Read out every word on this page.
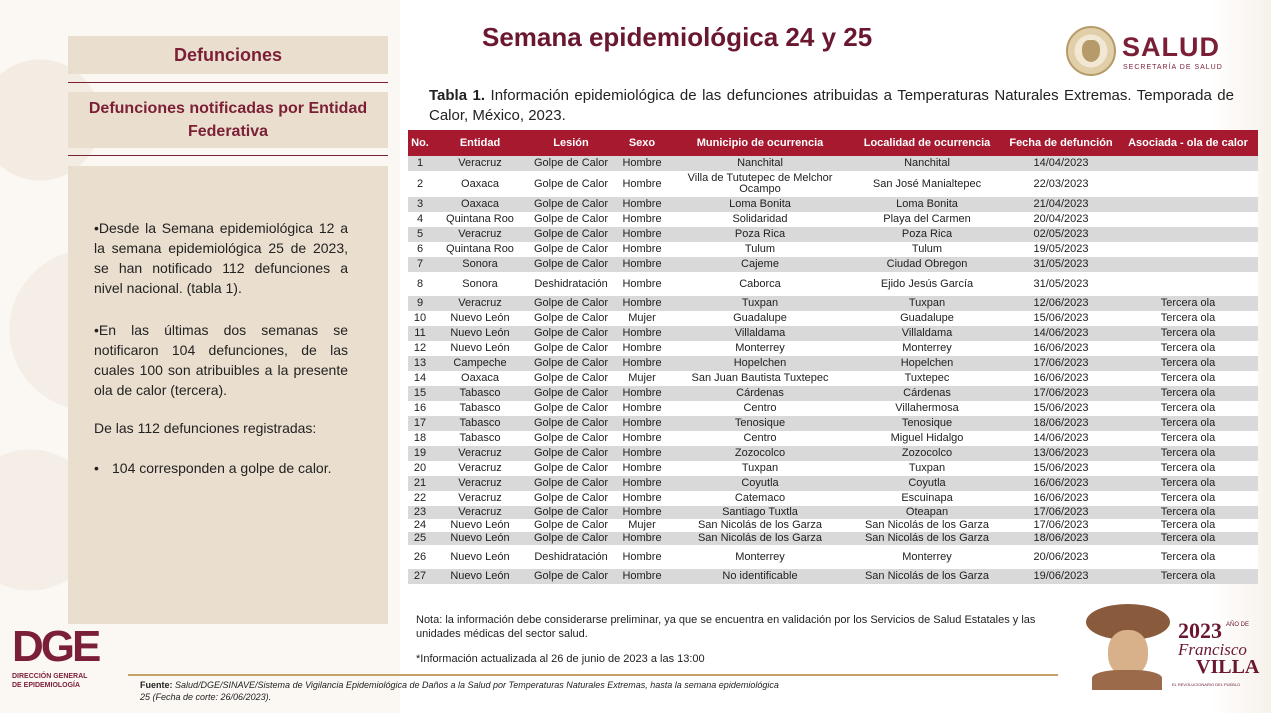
Defunciones
Defunciones notificadas por Entidad Federativa

•Desde la Semana epidemiológica 12 a la semana epidemiológica 25 de 2023, se han notificado 112 defunciones a nivel nacional. (tabla 1).

•En las últimas dos semanas se notificaron 104 defunciones, de las cuales 100 son atribuibles a la presente ola de calor (tercera).

De las 112 defunciones registradas:

• 104 corresponden a golpe de calor.

Semana epidemiológica 24 y 25	SALUD
SECRETARÍA DE SALUD
Tabla 1. Información epidemiológica de las defunciones atribuidas a Temperaturas Naturales Extremas. Temporada de Calor, México, 2023.
No.	Entidad	Lesión	Sexo	Municipio de ocurrencia	Localidad de ocurrencia	Fecha de defunción	Asociada - ola de calor
1	Veracruz	Golpe de Calor	Hombre	Nanchital	Nanchital	14/04/2023	
2	Oaxaca	Golpe de Calor	Hombre	Villa de Tututepec de Melchor Ocampo	San José Manialtepec	22/03/2023	
3	Oaxaca	Golpe de Calor	Hombre	Loma Bonita	Loma Bonita	21/04/2023	
4	Quintana Roo	Golpe de Calor	Hombre	Solidaridad	Playa del Carmen	20/04/2023	
5	Veracruz	Golpe de Calor	Hombre	Poza Rica	Poza Rica	02/05/2023	
6	Quintana Roo	Golpe de Calor	Hombre	Tulum	Tulum	19/05/2023	
7	Sonora	Golpe de Calor	Hombre	Cajeme	Ciudad Obregon	31/05/2023	
8	Sonora	Deshidratación	Hombre	Caborca	Ejido Jesús García	31/05/2023	
9	Veracruz	Golpe de Calor	Hombre	Tuxpan	Tuxpan	12/06/2023	Tercera ola
10	Nuevo León	Golpe de Calor	Mujer	Guadalupe	Guadalupe	15/06/2023	Tercera ola
11	Nuevo León	Golpe de Calor	Hombre	Villaldama	Villaldama	14/06/2023	Tercera ola
12	Nuevo León	Golpe de Calor	Hombre	Monterrey	Monterrey	16/06/2023	Tercera ola
13	Campeche	Golpe de Calor	Hombre	Hopelchen	Hopelchen	17/06/2023	Tercera ola
14	Oaxaca	Golpe de Calor	Mujer	San Juan Bautista Tuxtepec	Tuxtepec	16/06/2023	Tercera ola
15	Tabasco	Golpe de Calor	Hombre	Cárdenas	Cárdenas	17/06/2023	Tercera ola
16	Tabasco	Golpe de Calor	Hombre	Centro	Villahermosa	15/06/2023	Tercera ola
17	Tabasco	Golpe de Calor	Hombre	Tenosique	Tenosique	18/06/2023	Tercera ola
18	Tabasco	Golpe de Calor	Hombre	Centro	Miguel Hidalgo	14/06/2023	Tercera ola
19	Veracruz	Golpe de Calor	Hombre	Zozocolco	Zozocolco	13/06/2023	Tercera ola
20	Veracruz	Golpe de Calor	Hombre	Tuxpan	Tuxpan	15/06/2023	Tercera ola
21	Veracruz	Golpe de Calor	Hombre	Coyutla	Coyutla	16/06/2023	Tercera ola
22	Veracruz	Golpe de Calor	Hombre	Catemaco	Escuinapa	16/06/2023	Tercera ola
23	Veracruz	Golpe de Calor	Hombre	Santiago Tuxtla	Oteapan	17/06/2023	Tercera ola
24	Nuevo León	Golpe de Calor	Mujer	San Nicolás de los Garza	San Nicolás de los Garza	17/06/2023	Tercera ola
25	Nuevo León	Golpe de Calor	Hombre	San Nicolás de los Garza	San Nicolás de los Garza	18/06/2023	Tercera ola
26	Nuevo León	Deshidratación	Hombre	Monterrey	Monterrey	20/06/2023	Tercera ola
27	Nuevo León	Golpe de Calor	Hombre	No identificable	San Nicolás de los Garza	19/06/2023	Tercera ola
Nota: la información debe considerarse preliminar, ya que se encuentra en validación por los Servicios de Salud Estatales y las unidades médicas del sector salud.
*Información actualizada al 26 de junio de 2023 a las 13:00
DGE
DIRECCIÓN GENERAL
DE EPIDEMIOLOGÍA	Fuente: Salud/DGE/SINAVE/Sistema de Vigilancia Epidemiológica de Daños a la Salud por Temperaturas Naturales Extremas, hasta la semana epidemiológica 25 (Fecha de corte: 26/06/2023).
2023 AÑO DE
Francisco
VILLA
EL REVOLUCIONARIO DEL PUEBLO
